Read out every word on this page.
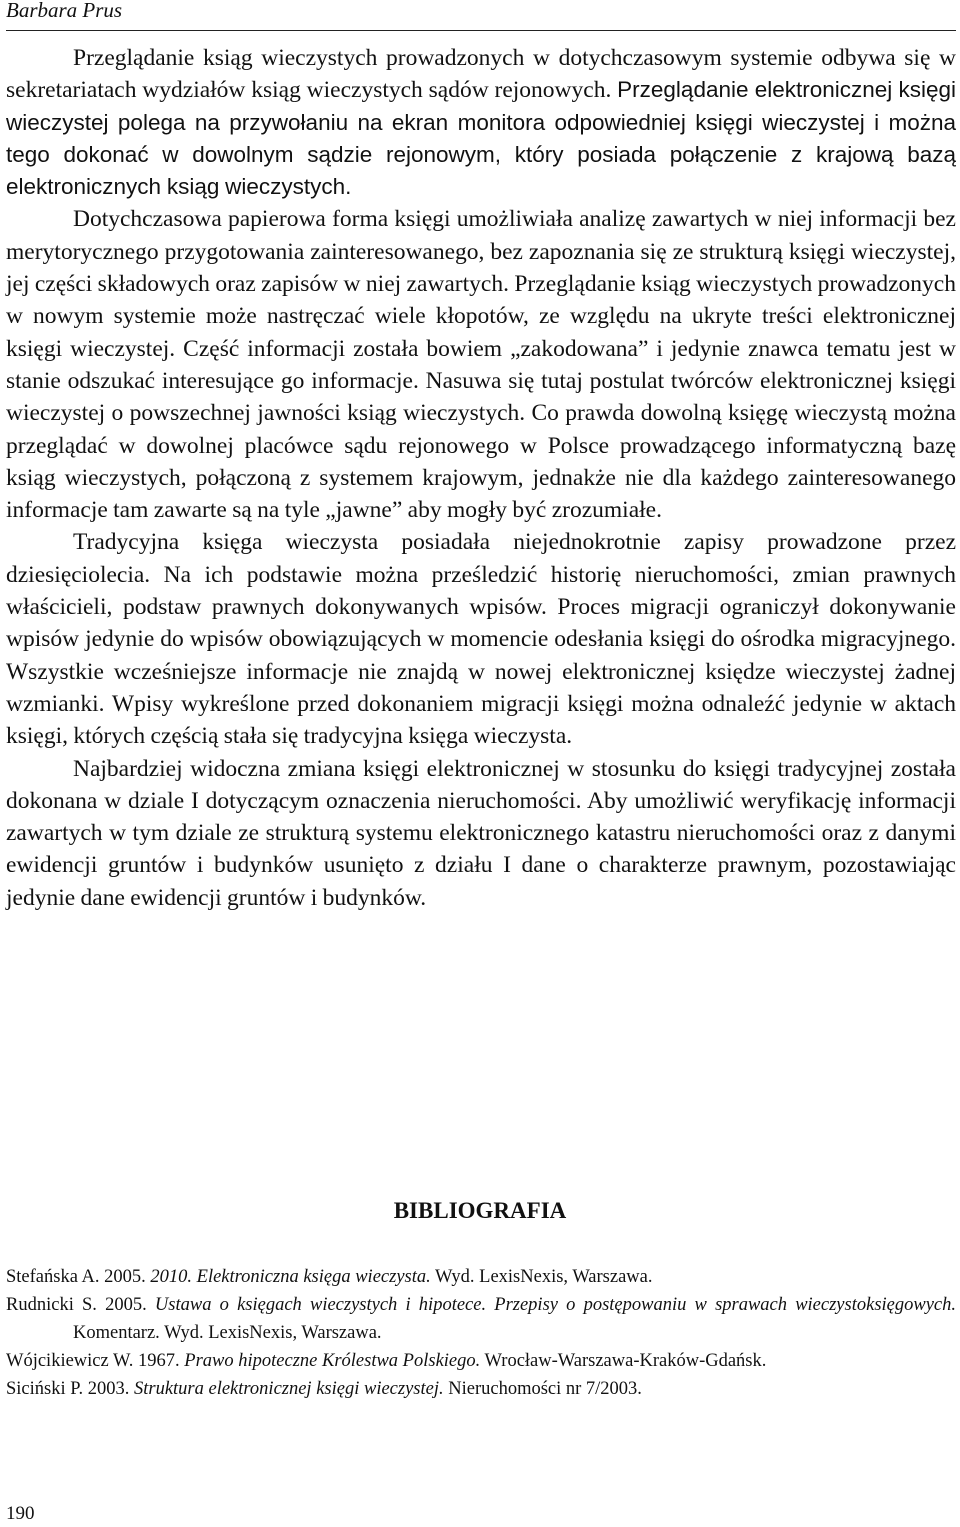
Barbara Prus

Przeglądanie ksiąg wieczystych prowadzonych w dotychczasowym systemie odbywa się w sekretariatach wydziałów ksiąg wieczystych sądów rejonowych. Przeglądanie elektronicznej księgi wieczystej polega na przywołaniu na ekran monitora odpowiedniej księgi wieczystej i można tego dokonać w dowolnym sądzie rejonowym, który posiada połączenie z krajową bazą elektronicznych ksiąg wieczystych.

Dotychczasowa papierowa forma księgi umożliwiała analizę zawartych w niej informacji bez merytorycznego przygotowania zainteresowanego, bez zapoznania się ze strukturą księgi wieczystej, jej części składowych oraz zapisów w niej zawartych. Przeglądanie ksiąg wieczystych prowadzonych w nowym systemie może nastręczać wiele kłopotów, ze względu na ukryte treści elektronicznej księgi wieczystej. Część informacji została bowiem „zakodowana” i jedynie znawca tematu jest w stanie odszukać interesujące go informacje. Nasuwa się tutaj postulat twórców elektronicznej księgi wieczystej o powszechnej jawności ksiąg wieczystych. Co prawda dowolną księgę wieczystą można przeglądać w dowolnej placówce sądu rejonowego w Polsce prowadzącego informatyczną bazę ksiąg wieczystych, połączoną z systemem krajowym, jednakże nie dla każdego zainteresowanego informacje tam zawarte są na tyle „jawne” aby mogły być zrozumiałe.

Tradycyjna księga wieczysta posiadała niejednokrotnie zapisy prowadzone przez dziesięciolecia. Na ich podstawie można prześledzić historię nieruchomości, zmian prawnych właścicieli, podstaw prawnych dokonywanych wpisów. Proces migracji ograniczył dokonywanie wpisów jedynie do wpisów obowiązujących w momencie odesłania księgi do ośrodka migracyjnego. Wszystkie wcześniejsze informacje nie znajdą w nowej elektronicznej księdze wieczystej żadnej wzmianki. Wpisy wykreślone przed dokonaniem migracji księgi można odnaleźć jedynie w aktach księgi, których częścią stała się tradycyjna księga wieczysta.

Najbardziej widoczna zmiana księgi elektronicznej w stosunku do księgi tradycyjnej została dokonana w dziale I dotyczącym oznaczenia nieruchomości. Aby umożliwić weryfikację informacji zawartych w tym dziale ze strukturą systemu elektronicznego katastru nieruchomości oraz z danymi ewidencji gruntów i budynków usunięto z działu I dane o charakterze prawnym, pozostawiając jedynie dane ewidencji gruntów i budynków.

BIBLIOGRAFIA

Stefańska A. 2005. 2010. Elektroniczna księga wieczysta. Wyd. LexisNexis, Warszawa.

Rudnicki S. 2005. Ustawa o księgach wieczystych i hipotece. Przepisy o postępowaniu w sprawach wieczystoksięgowych. Komentarz. Wyd. LexisNexis, Warszawa.

Wójcikiewicz W. 1967. Prawo hipoteczne Królestwa Polskiego. Wrocław-Warszawa-Kraków-Gdańsk.

Siciński P. 2003. Struktura elektronicznej księgi wieczystej. Nieruchomości nr 7/2003.

190
